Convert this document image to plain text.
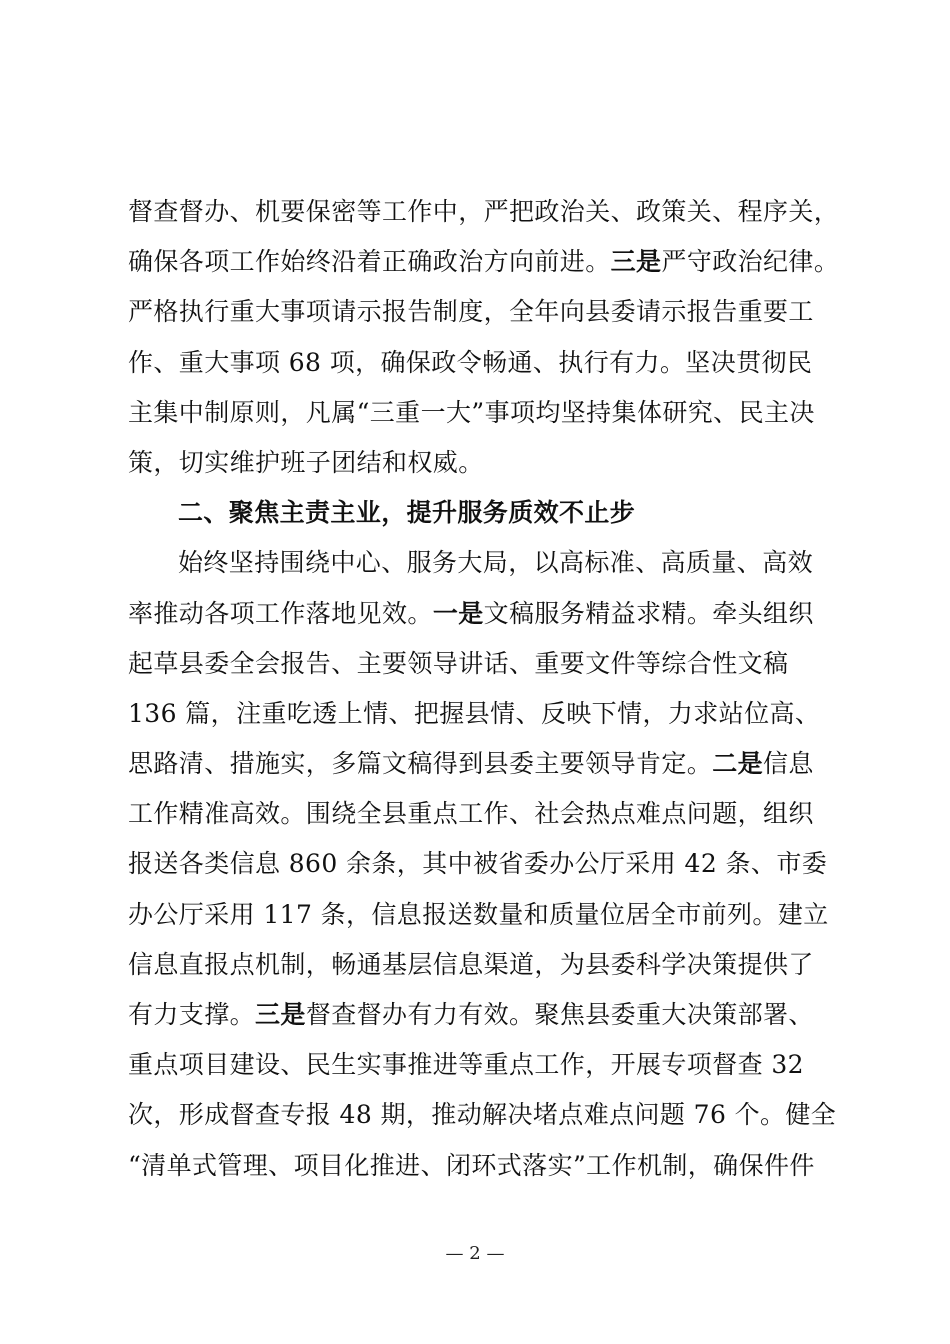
督查督办、机要保密等工作中，严把政治关、政策关、程序关，
确保各项工作始终沿着正确政治方向前进。三是严守政治纪律。
严格执行重大事项请示报告制度，全年向县委请示报告重要工
作、重大事项 68 项，确保政令畅通、执行有力。坚决贯彻民
主集中制原则，凡属“三重一大”事项均坚持集体研究、民主决
策，切实维护班子团结和权威。
二、聚焦主责主业，提升服务质效不止步
始终坚持围绕中心、服务大局，以高标准、高质量、高效
率推动各项工作落地见效。一是文稿服务精益求精。牵头组织
起草县委全会报告、主要领导讲话、重要文件等综合性文稿
136 篇，注重吃透上情、把握县情、反映下情，力求站位高、
思路清、措施实，多篇文稿得到县委主要领导肯定。二是信息
工作精准高效。围绕全县重点工作、社会热点难点问题，组织
报送各类信息 860 余条，其中被省委办公厅采用 42 条、市委
办公厅采用 117 条，信息报送数量和质量位居全市前列。建立
信息直报点机制，畅通基层信息渠道，为县委科学决策提供了
有力支撑。三是督查督办有力有效。聚焦县委重大决策部署、
重点项目建设、民生实事推进等重点工作，开展专项督查 32
次，形成督查专报 48 期，推动解决堵点难点问题 76 个。健全
“清单式管理、项目化推进、闭环式落实”工作机制，确保件件
— 2 —
